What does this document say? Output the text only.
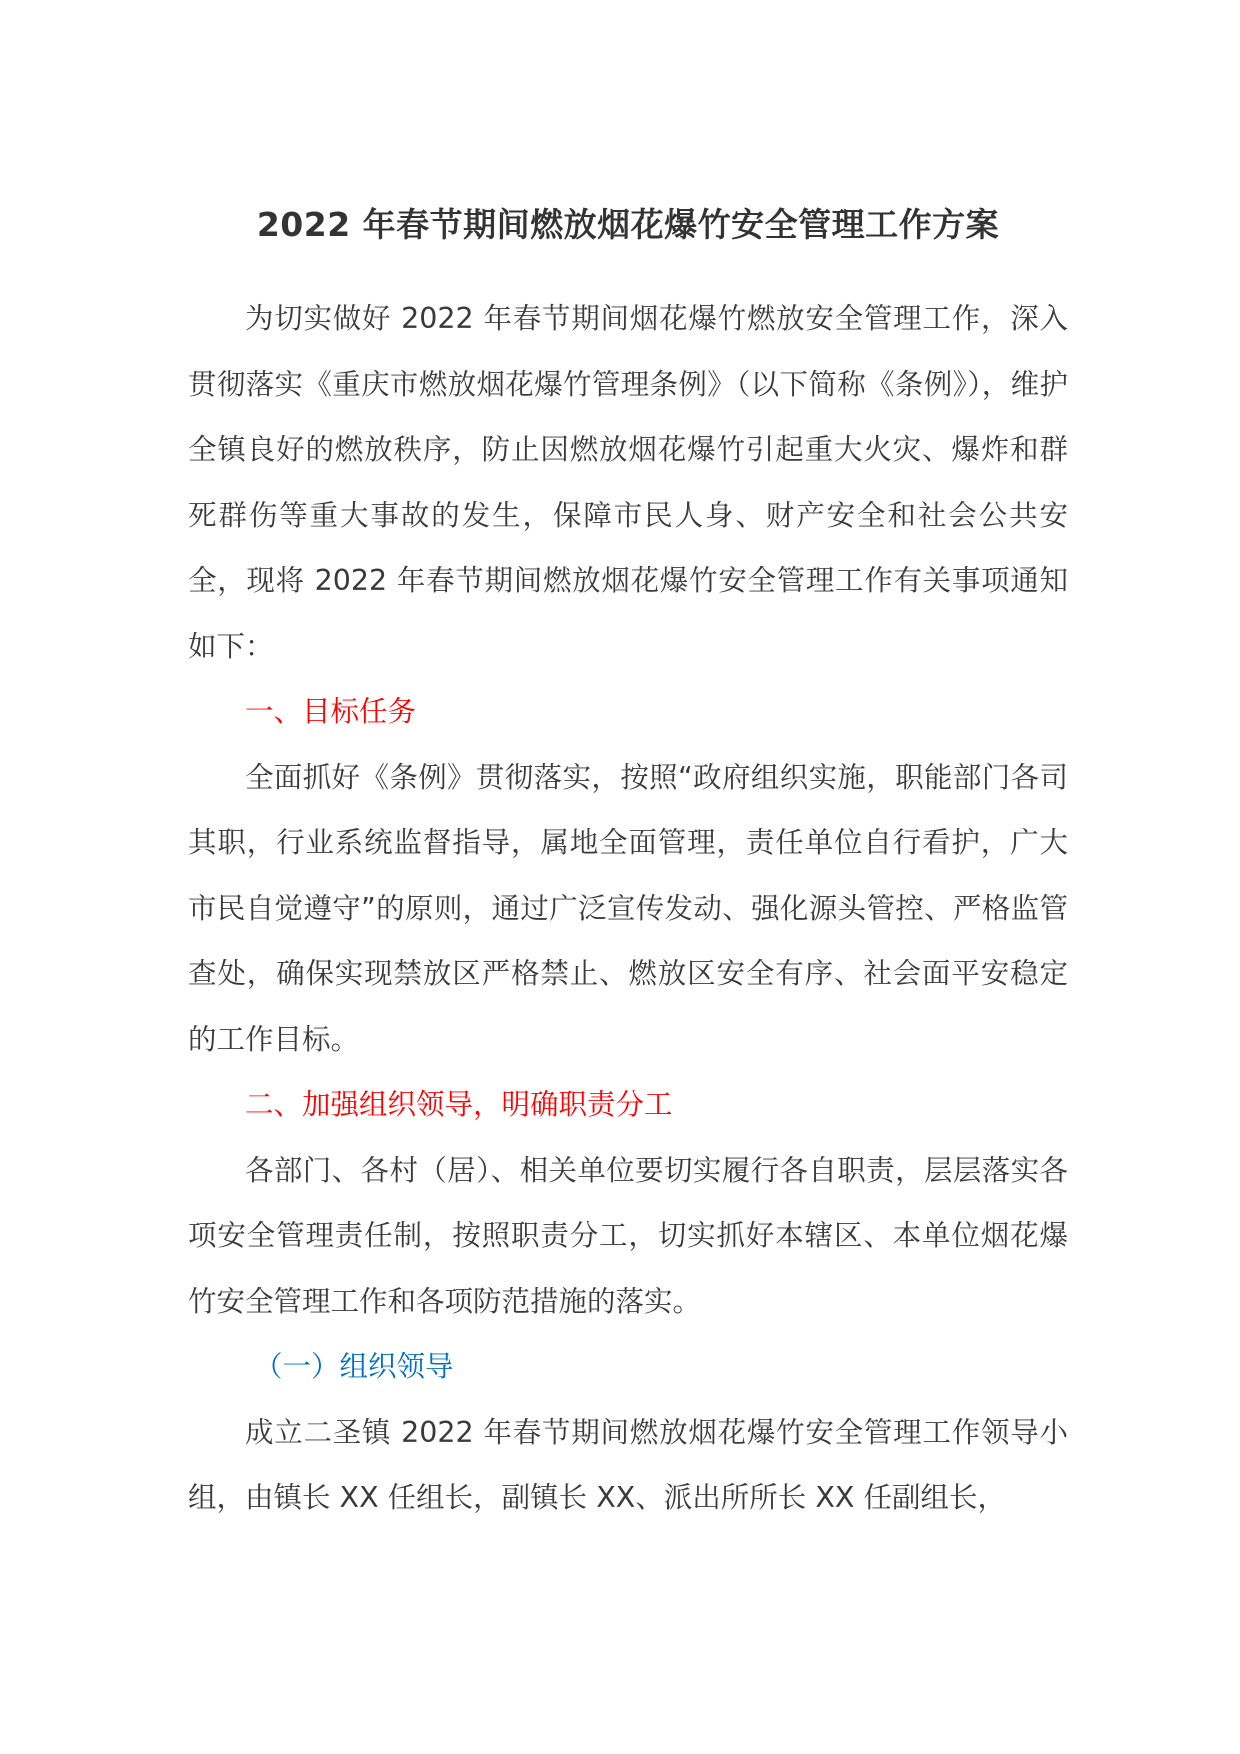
2022 年春节期间燃放烟花爆竹安全管理工作方案

为切实做好 2022 年春节期间烟花爆竹燃放安全管理工作，深入贯彻落实《重庆市燃放烟花爆竹管理条例》（以下简称《条例》），维护全镇良好的燃放秩序，防止因燃放烟花爆竹引起重大火灾、爆炸和群死群伤等重大事故的发生，保障市民人身、财产安全和社会公共安全，现将 2022 年春节期间燃放烟花爆竹安全管理工作有关事项通知如下：

一、目标任务

全面抓好《条例》贯彻落实，按照“政府组织实施，职能部门各司其职，行业系统监督指导，属地全面管理，责任单位自行看护，广大市民自觉遵守”的原则，通过广泛宣传发动、强化源头管控、严格监管查处，确保实现禁放区严格禁止、燃放区安全有序、社会面平安稳定的工作目标。

二、加强组织领导，明确职责分工

各部门、各村（居）、相关单位要切实履行各自职责，层层落实各项安全管理责任制，按照职责分工，切实抓好本辖区、本单位烟花爆竹安全管理工作和各项防范措施的落实。

（一）组织领导

成立二圣镇 2022 年春节期间燃放烟花爆竹安全管理工作领导小组，由镇长 XX 任组长，副镇长 XX、派出所所长 XX 任副组长，
